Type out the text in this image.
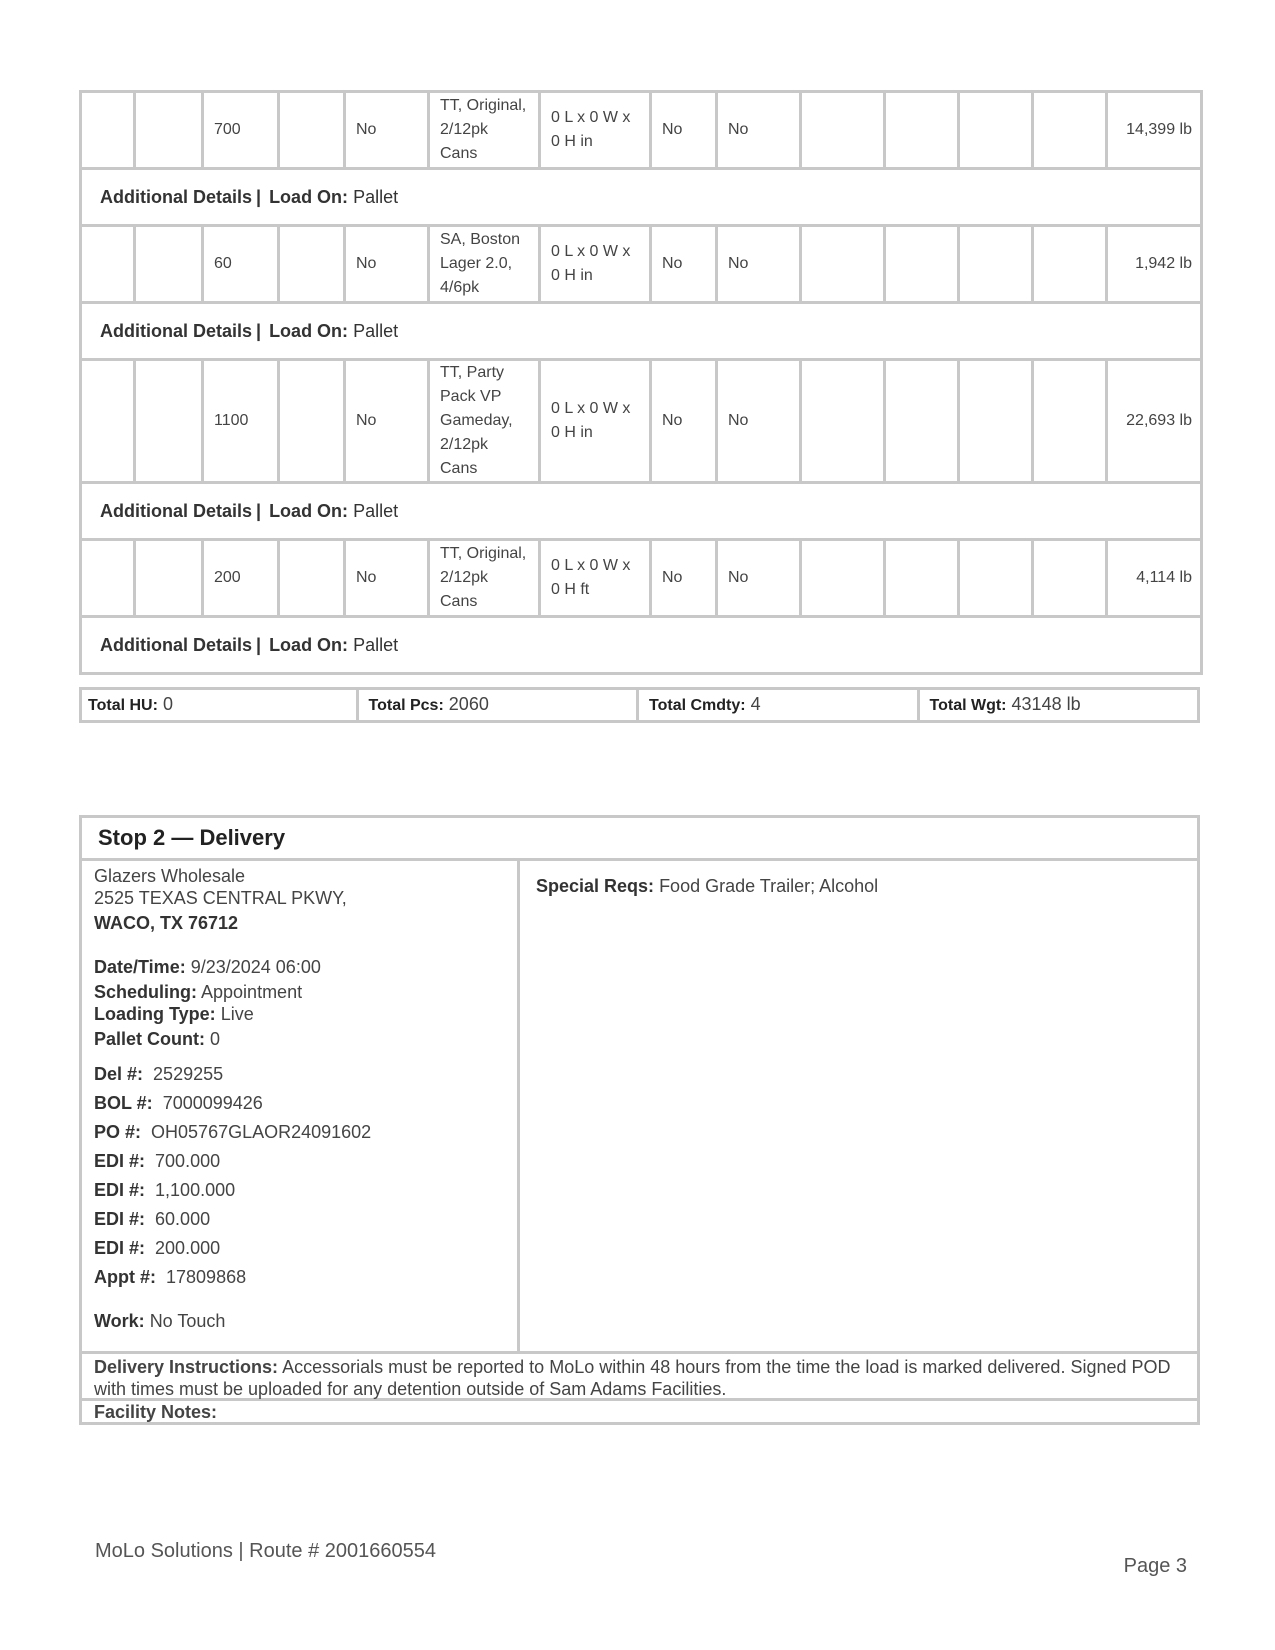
		700		No	TT, Original, 2/12pk Cans	0 L x 0 W x 0 H in	No	No					14,399 lb
Additional Details | Load On: Pallet													
		60		No	SA, Boston Lager 2.0, 4/6pk	0 L x 0 W x 0 H in	No	No					1,942 lb
Additional Details | Load On: Pallet													
		1100		No	TT, Party Pack VP Gameday, 2/12pk Cans	0 L x 0 W x 0 H in	No	No					22,693 lb
Additional Details | Load On: Pallet													
		200		No	TT, Original, 2/12pk Cans	0 L x 0 W x 0 H ft	No	No					4,114 lb
Additional Details | Load On: Pallet													
Total HU: 0	Total Pcs: 2060	Total Cmdty: 4	Total Wgt: 43148 lb
Stop 2 — Delivery
Glazers Wholesale
2525 TEXAS CENTRAL PKWY,
WACO, TX 76712
Date/Time: 9/23/2024 06:00
Scheduling: Appointment
Loading Type: Live
Pallet Count: 0
Del #: 2529255
BOL #: 7000099426
PO #: OH05767GLAOR24091602
EDI #: 700.000
EDI #: 1,100.000
EDI #: 60.000
EDI #: 200.000
Appt #: 17809868
Work: No Touch
Special Reqs: Food Grade Trailer; Alcohol
Delivery Instructions: Accessorials must be reported to MoLo within 48 hours from the time the load is marked delivered. Signed POD with times must be uploaded for any detention outside of Sam Adams Facilities.
Facility Notes:
MoLo Solutions | Route # 2001660554
Page 3
